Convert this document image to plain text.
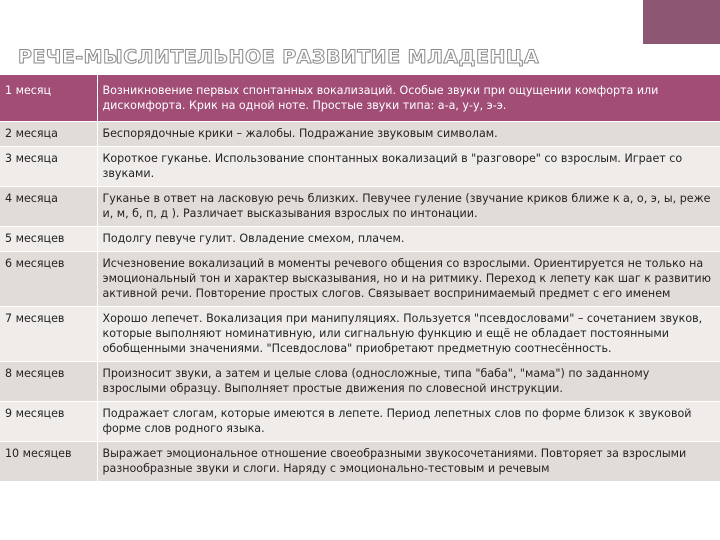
РЕЧЕ-МЫСЛИТЕЛЬНОЕ РАЗВИТИЕ МЛАДЕНЦА
1 месяц	Возникновение первых спонтанных вокализаций. Особые звуки при ощущении комфорта или дискомфорта. Крик на одной ноте. Простые звуки типа: а-а, у-у, э-э.
2 месяца	Беспорядочные крики – жалобы. Подражание звуковым символам.
3 месяца	Короткое гуканье. Использование спонтанных вокализаций в "разговоре" со взрослым. Играет со звуками.
4 месяца	Гуканье в ответ на ласковую речь близких. Певучее гуление (звучание криков ближе к а, о, э, ы, реже и, м, б, п, д ). Различает высказывания взрослых по интонации.
5 месяцев	Подолгу певуче гулит. Овладение смехом, плачем.
6 месяцев	Исчезновение вокализаций в моменты речевого общения со взрослыми. Ориентируется не только на эмоциональный тон и характер высказывания, но и на ритмику. Переход к лепету как шаг к развитию активной речи. Повторение простых слогов. Связывает воспринимаемый предмет с его именем
7 месяцев	Хорошо лепечет. Вокализация при манипуляциях. Пользуется "псевдословами" – сочетанием звуков, которые выполняют номинативную, или сигнальную функцию и ещё не обладает постоянными обобщенными значениями. "Псевдослова" приобретают предметную соотнесённость.
8 месяцев	Произносит звуки, а затем и целые слова (односложные, типа "баба", "мама") по заданному взрослыми образцу. Выполняет простые движения по словесной инструкции.
9 месяцев	Подражает слогам, которые имеются в лепете. Период лепетных слов по форме близок к звуковой форме слов родного языка.
10 месяцев	Выражает эмоциональное отношение своеобразными звукосочетаниями. Повторяет за взрослыми разнообразные звуки и слоги. Наряду с эмоционально-тестовым и речевым
